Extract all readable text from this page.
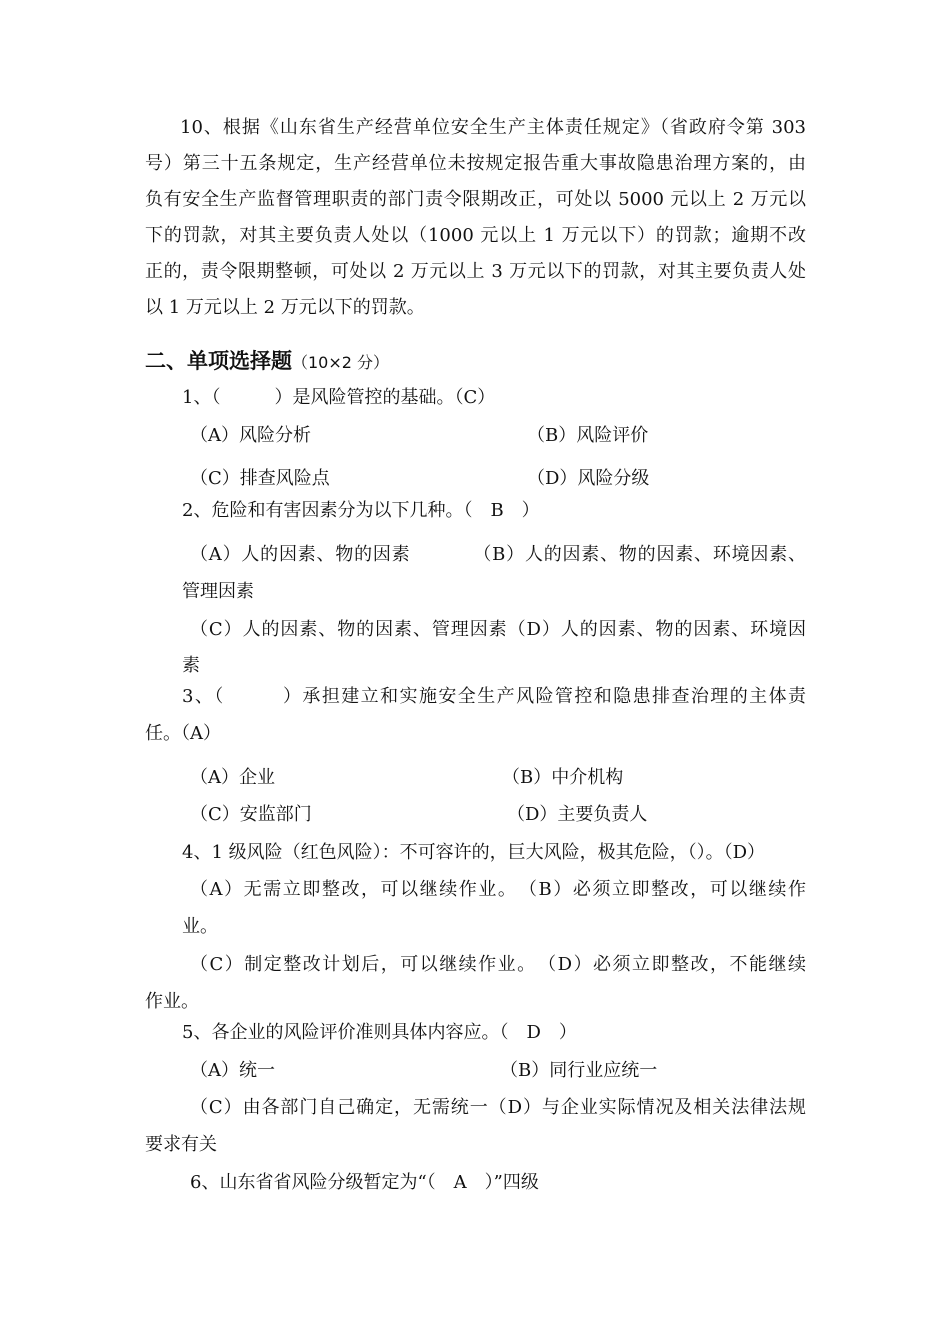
10、根据《山东省生产经营单位安全生产主体责任规定》（省政府令第 303
号）第三十五条规定，生产经营单位未按规定报告重大事故隐患治理方案的，由
负有安全生产监督管理职责的部门责令限期改正，可处以 5000 元以上 2 万元以
下的罚款，对其主要负责人处以（1000 元以上 1 万元以下）的罚款；逾期不改
正的，责令限期整顿，可处以 2 万元以上 3 万元以下的罚款，对其主要负责人处
以 1 万元以上 2 万元以下的罚款。
二、单项选择题（10×2 分）
1、（　　　）是风险管控的基础。（C）
（A）风险分析	（B）风险评价
（C）排查风险点	（D）风险分级
2、危险和有害因素分为以下几种。（　B　）
（A）人的因素、物的因素　　　 （B）人的因素、物的因素、环境因素、
管理因素
（C）人的因素、物的因素、管理因素（D）人的因素、物的因素、环境因
素
3、（　　　）承担建立和实施安全生产风险管控和隐患排查治理的主体责
任。（A）
（A）企业	（B）中介机构
（C）安监部门	（D）主要负责人
4、1 级风险（红色风险）：不可容许的，巨大风险，极其危险，（）。（D）
（A）无需立即整改，可以继续作业。　（B）必须立即整改，可以继续作
业。
（C）制定整改计划后，可以继续作业。　（D）必须立即整改，不能继续
作业。
5、各企业的风险评价准则具体内容应。（　D　）
（A）统一	（B）同行业应统一
（C）由各部门自己确定，无需统一（D）与企业实际情况及相关法律法规
要求有关
6、山东省省风险分级暂定为“（　A　）”四级
